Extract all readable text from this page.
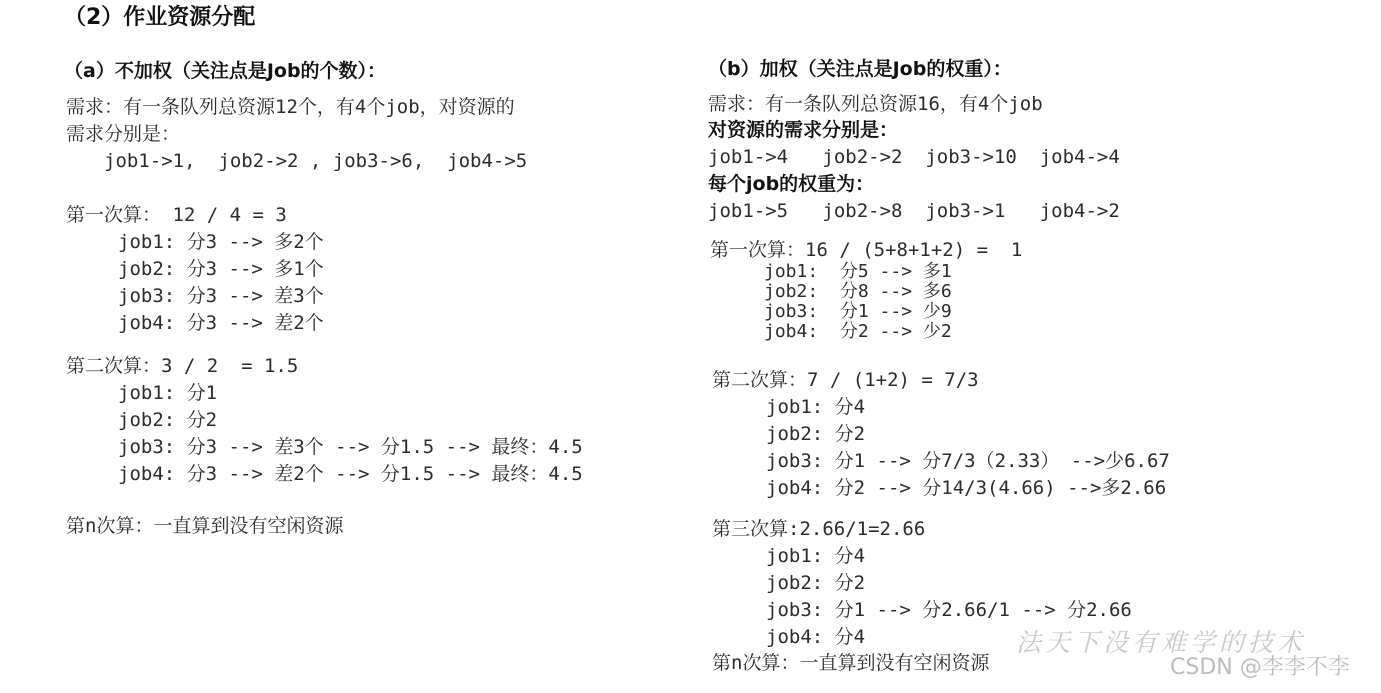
（2）作业资源分配
（a）不加权（关注点是Job的个数）：
需求：有一条队列总资源12个，有4个job，对资源的
需求分别是：
job1->1,  job2->2 , job3->6,  job4->5
第一次算： 12 / 4 = 3
job1: 分3 --> 多2个
job2: 分3 --> 多1个
job3: 分3 --> 差3个
job4: 分3 --> 差2个
第二次算：3 / 2  = 1.5
job1: 分1
job2: 分2
job3: 分3 --> 差3个 --> 分1.5 --> 最终：4.5
job4: 分3 --> 差2个 --> 分1.5 --> 最终：4.5
第n次算：一直算到没有空闲资源
（b）加权（关注点是Job的权重）：
需求：有一条队列总资源16，有4个job
对资源的需求分别是：
job1->4   job2->2  job3->10  job4->4
每个job的权重为：
job1->5   job2->8  job3->1   job4->2
第一次算：16 / (5+8+1+2) =  1
job1:  分5 --> 多1
job2:  分8 --> 多6
job3:  分1 --> 少9
job4:  分2 --> 少2
第二次算：7 / (1+2) = 7/3
job1: 分4
job2: 分2
job3: 分1 --> 分7/3（2.33） -->少6.67
job4: 分2 --> 分14/3(4.66) -->多2.66
第三次算:2.66/1=2.66
job1: 分4
job2: 分2
job3: 分1 --> 分2.66/1 --> 分2.66
job4: 分4
第n次算：一直算到没有空闲资源
法天下没有难学的技术
CSDN @李李不李
